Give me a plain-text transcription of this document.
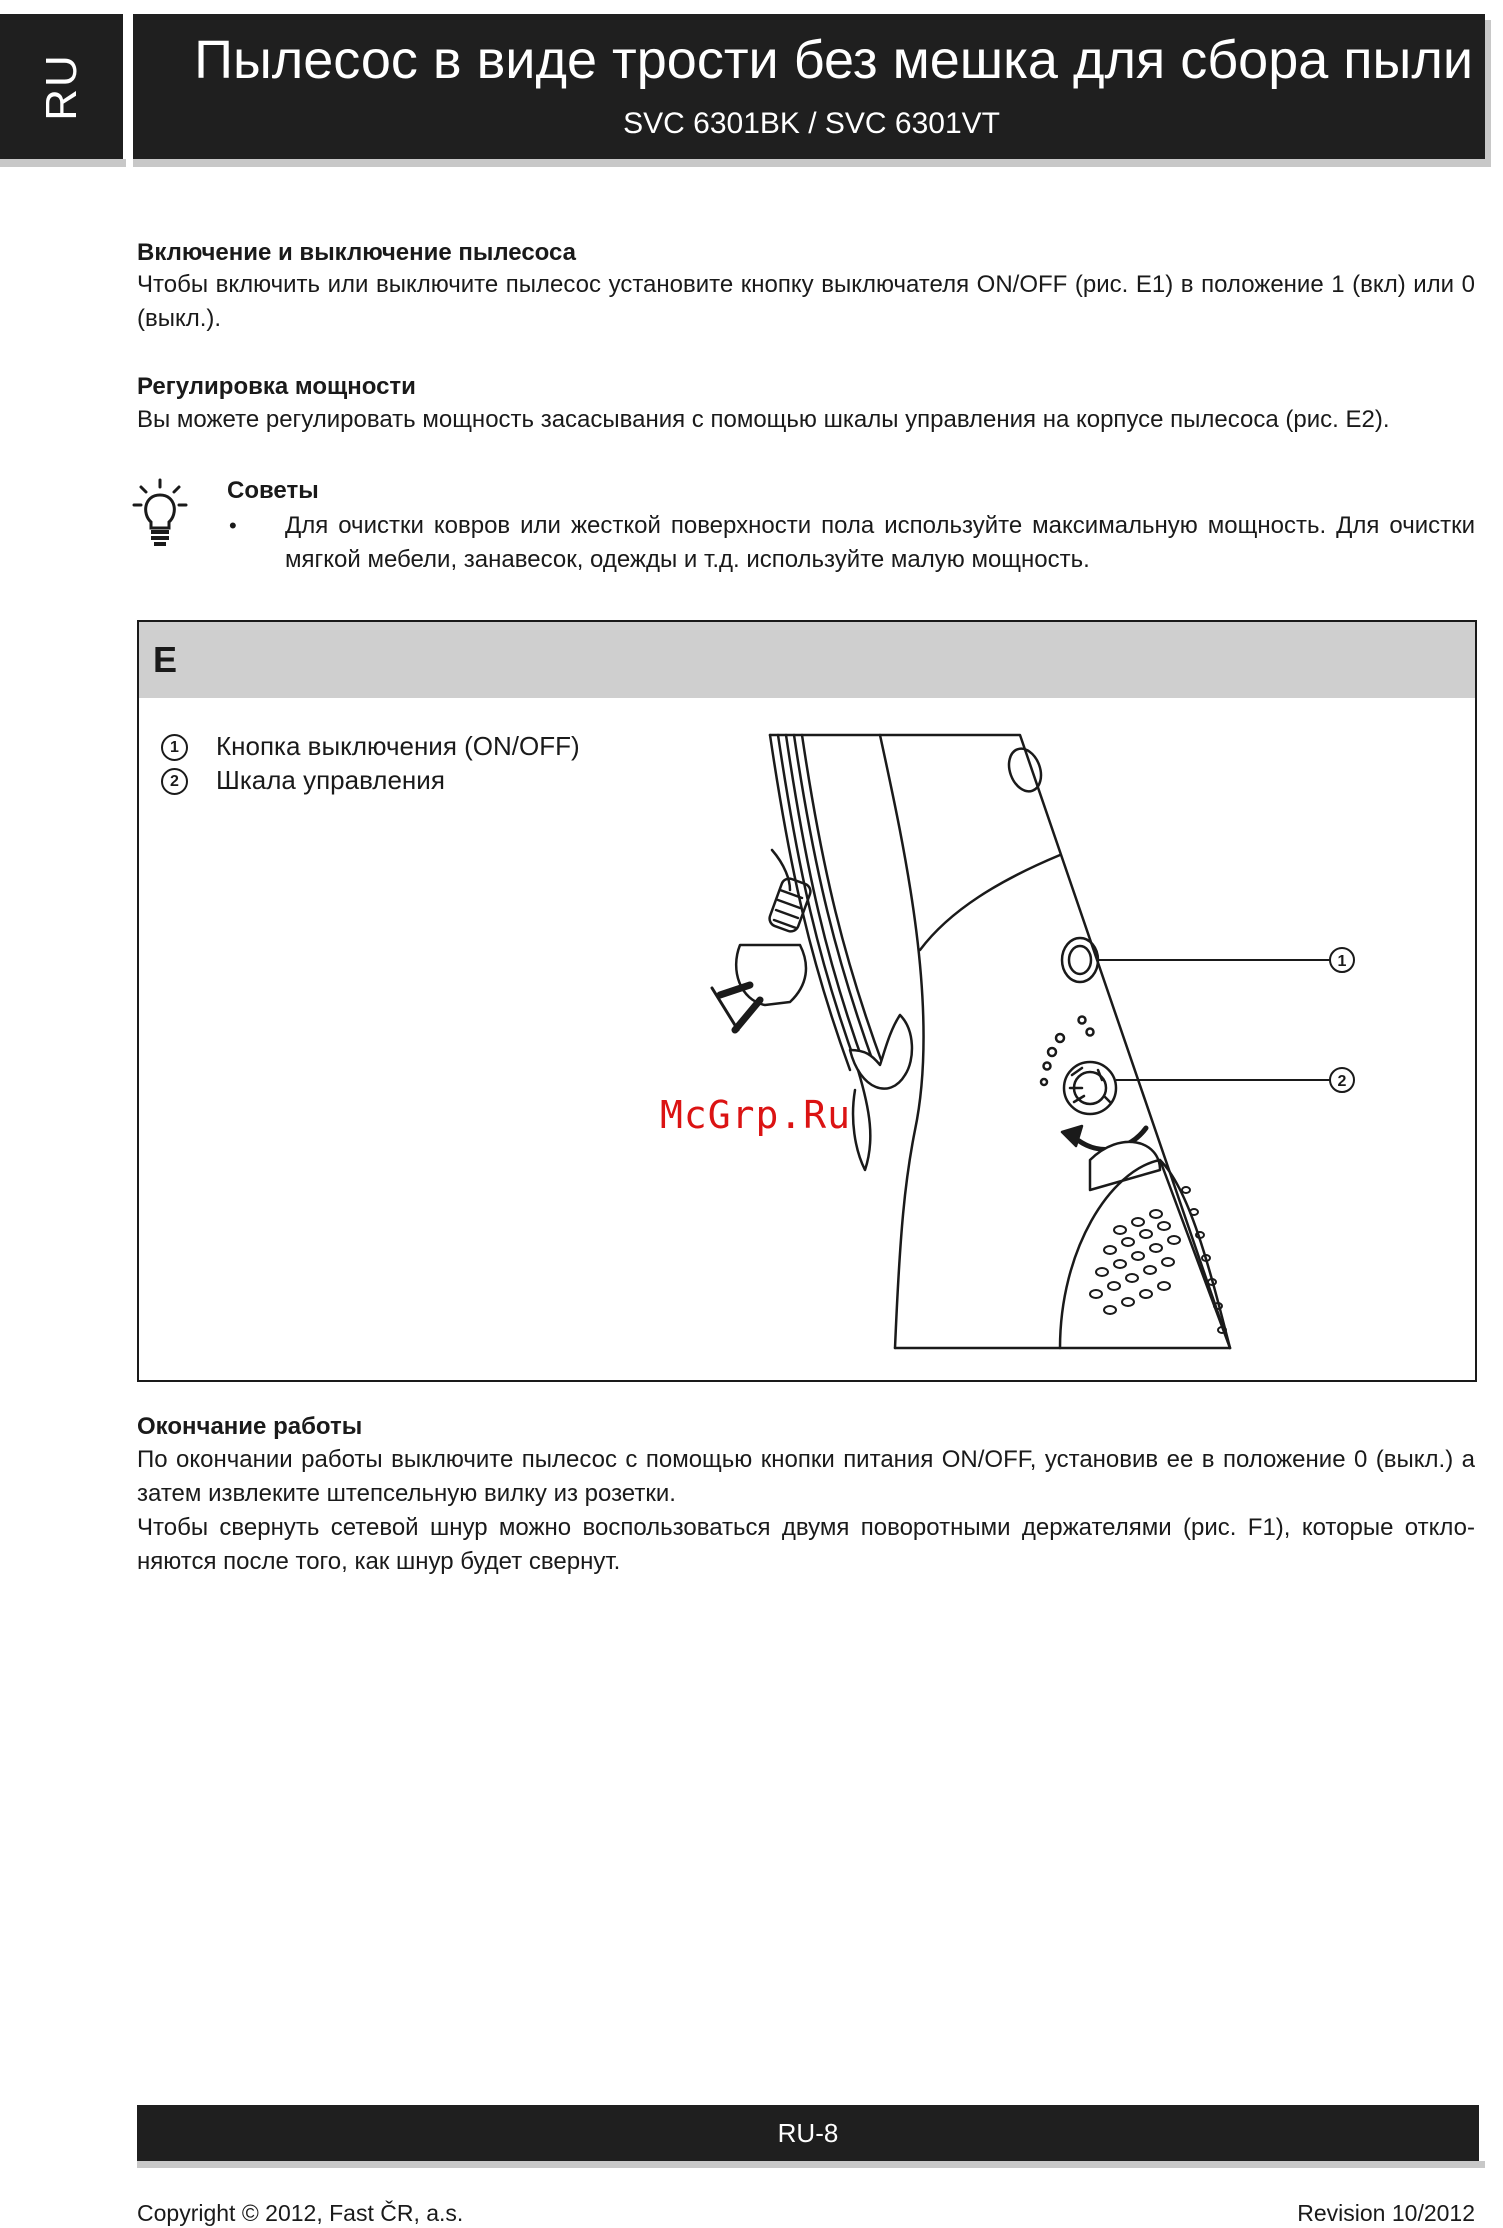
RU	Пылесос в виде трости без мешка для сбора пыли
SVC 6301BK / SVC 6301VT
Включение и выключение пылесоса
Чтобы включить или выключите пылесос установите кнопку выключателя ON/OFF (рис. E1) в положение 1 (вкл) или 0 (выкл.).
Регулировка мощности
Вы можете регулировать мощность засасывания с помощью шкалы управления на корпусе пылесоса (рис. E2).
Советы
• Для очистки ковров или жесткой поверхности пола используйте максимальную мощность. Для очистки мягкой мебели, занавесок, одежды и т.д. используйте малую мощность.
E
1	Кнопка выключения (ON/OFF)
2	Шкала управления
1
2
McGrp.Ru
Окончание работы
По окончании работы выключите пылесос с помощью кнопки питания ON/OFF, установив ее в положение 0 (выкл.) а затем извлеките штепсельную вилку из розетки.
Чтобы свернуть сетевой шнур можно воспользоваться двумя поворотными держателями (рис. F1), которые отклоняются после того, как шнур будет свернут.
RU-8
Copyright © 2012, Fast ČR, a.s.	Revision 10/2012
